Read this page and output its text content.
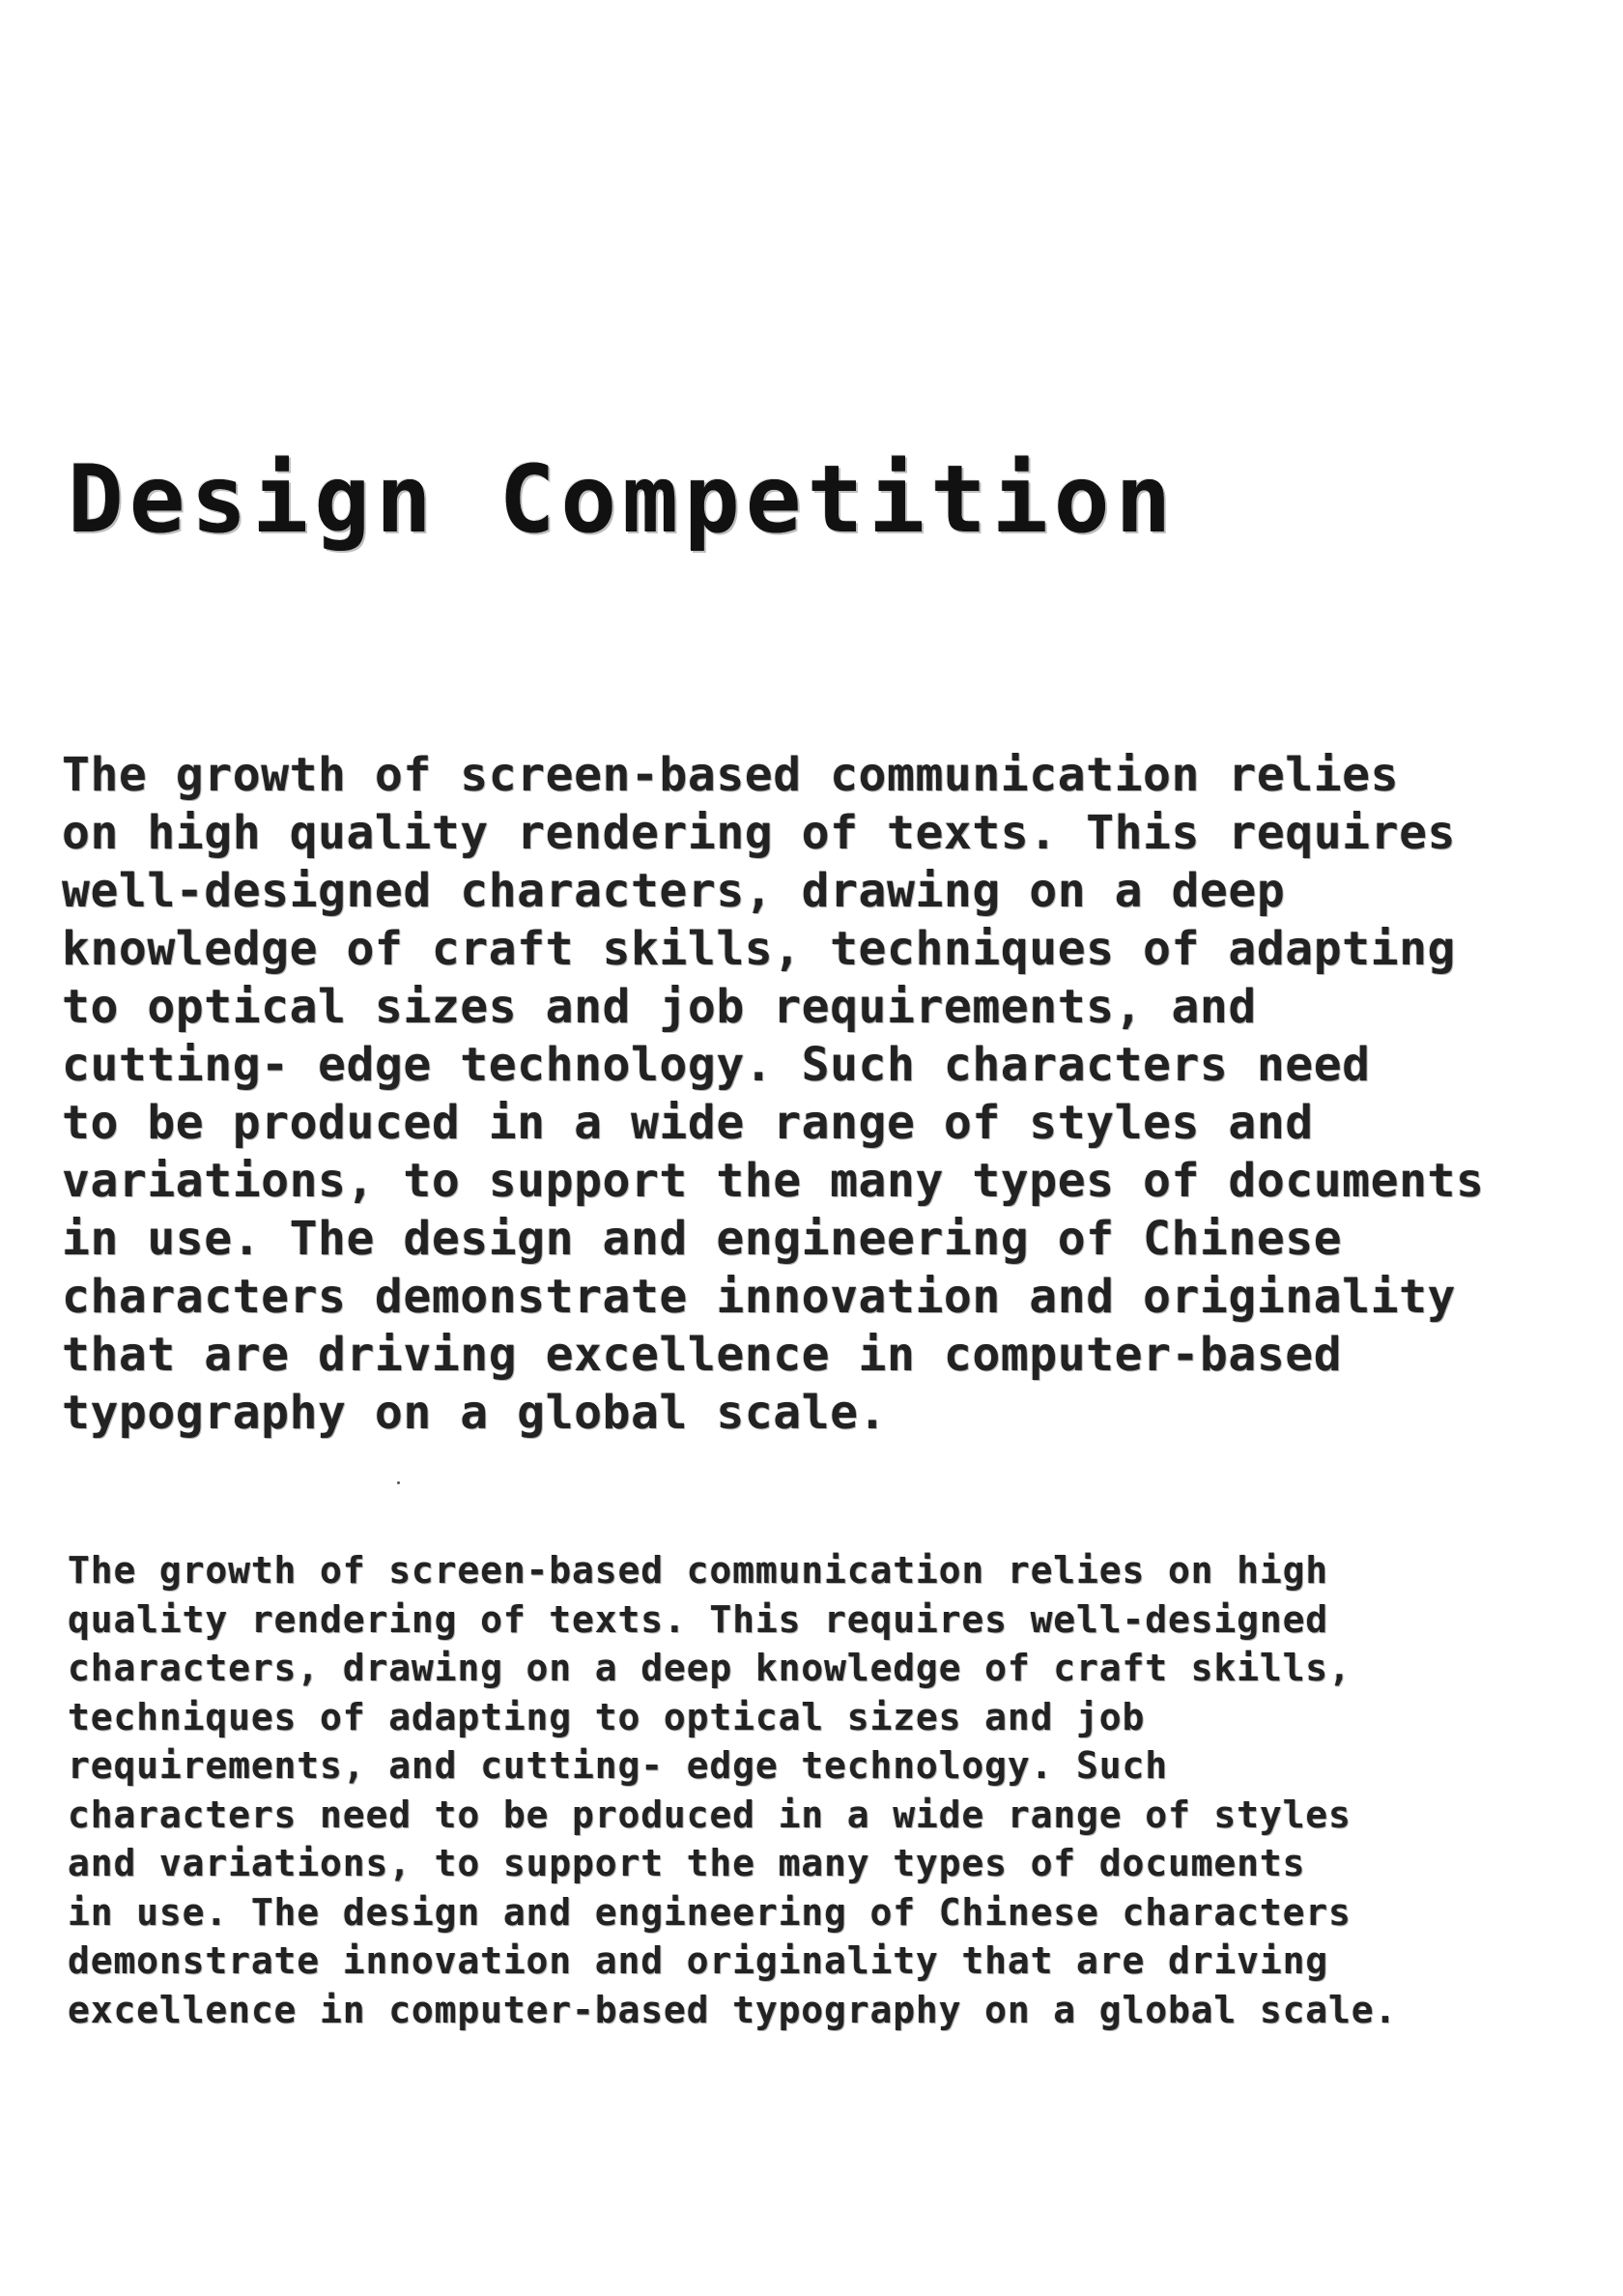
Design Competition
The growth of screen-based communication relies
on high quality rendering of texts. This requires
well-designed characters, drawing on a deep
knowledge of craft skills, techniques of adapting
to optical sizes and job requirements, and
cutting- edge technology. Such characters need
to be produced in a wide range of styles and
variations, to support the many types of documents
in use. The design and engineering of Chinese
characters demonstrate innovation and originality
that are driving excellence in computer-based
typography on a global scale.
The growth of screen-based communication relies on high
quality rendering of texts. This requires well-designed
characters, drawing on a deep knowledge of craft skills,
techniques of adapting to optical sizes and job
requirements, and cutting- edge technology. Such
characters need to be produced in a wide range of styles
and variations, to support the many types of documents
in use. The design and engineering of Chinese characters
demonstrate innovation and originality that are driving
excellence in computer-based typography on a global scale.
